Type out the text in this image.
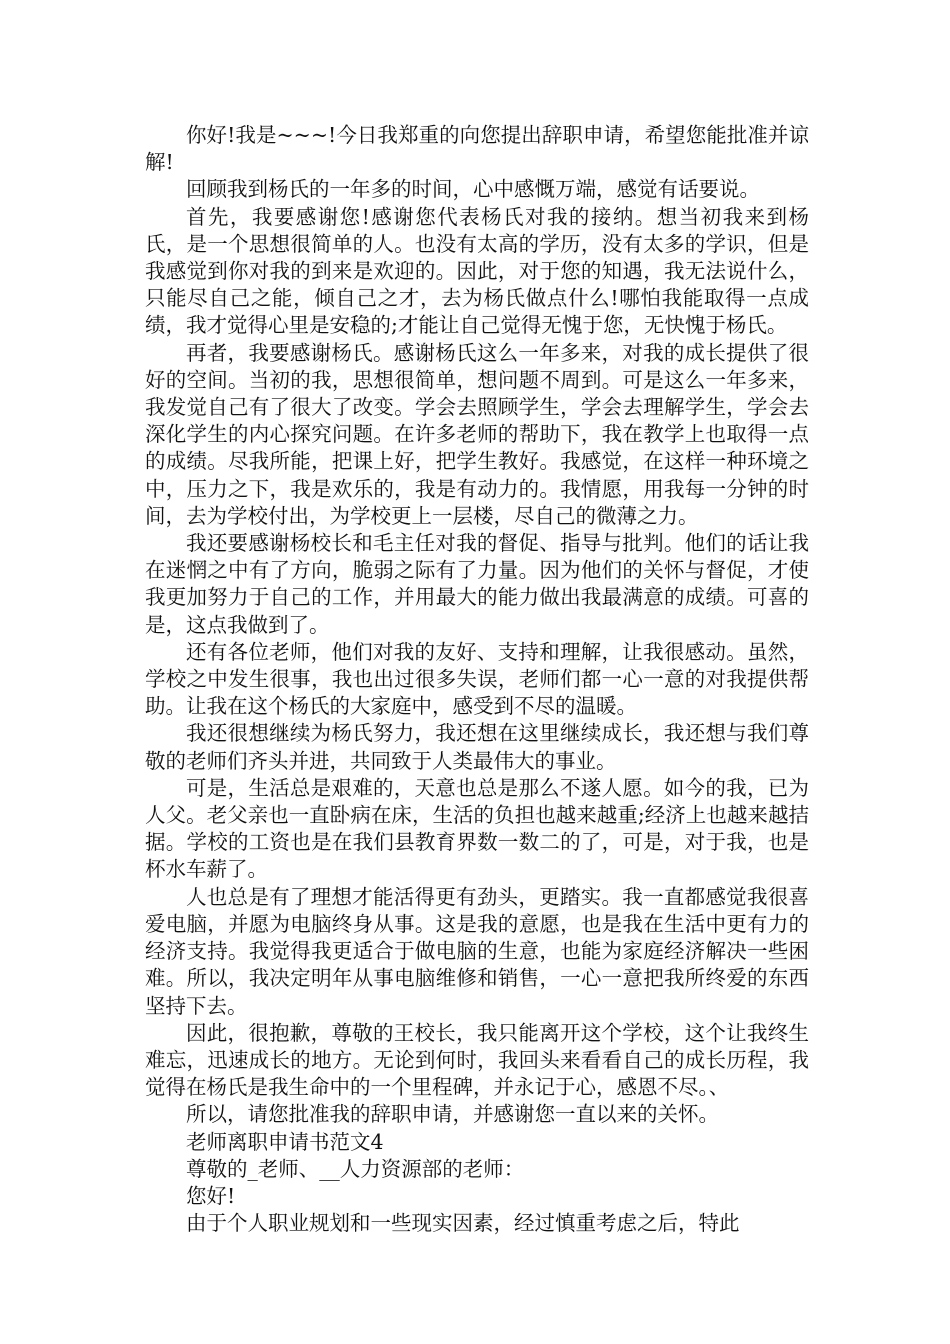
你好!我是~~~!今日我郑重的向您提出辞职申请，希望您能批准并谅解!

回顾我到杨氏的一年多的时间，心中感慨万端，感觉有话要说。

首先，我要感谢您!感谢您代表杨氏对我的接纳。想当初我来到杨氏，是一个思想很简单的人。也没有太高的学历，没有太多的学识，但是我感觉到你对我的到来是欢迎的。因此，对于您的知遇，我无法说什么，只能尽自己之能，倾自己之才，去为杨氏做点什么!哪怕我能取得一点成绩，我才觉得心里是安稳的;才能让自己觉得无愧于您，无快愧于杨氏。

再者，我要感谢杨氏。感谢杨氏这么一年多来，对我的成长提供了很好的空间。当初的我，思想很简单，想问题不周到。可是这么一年多来，我发觉自己有了很大了改变。学会去照顾学生，学会去理解学生，学会去深化学生的内心探究问题。在许多老师的帮助下，我在教学上也取得一点的成绩。尽我所能，把课上好，把学生教好。我感觉，在这样一种环境之中，压力之下，我是欢乐的，我是有动力的。我情愿，用我每一分钟的时间，去为学校付出，为学校更上一层楼，尽自己的微薄之力。

我还要感谢杨校长和毛主任对我的督促、指导与批判。他们的话让我在迷惘之中有了方向，脆弱之际有了力量。因为他们的关怀与督促，才使我更加努力于自己的工作，并用最大的能力做出我最满意的成绩。可喜的是，这点我做到了。

还有各位老师，他们对我的友好、支持和理解，让我很感动。虽然，学校之中发生很事，我也出过很多失误，老师们都一心一意的对我提供帮助。让我在这个杨氏的大家庭中，感受到不尽的温暖。

我还很想继续为杨氏努力，我还想在这里继续成长，我还想与我们尊敬的老师们齐头并进，共同致于人类最伟大的事业。

可是，生活总是艰难的，天意也总是那么不遂人愿。如今的我，已为人父。老父亲也一直卧病在床，生活的负担也越来越重;经济上也越来越拮据。学校的工资也是在我们县教育界数一数二的了，可是，对于我，也是杯水车薪了。

人也总是有了理想才能活得更有劲头，更踏实。我一直都感觉我很喜爱电脑，并愿为电脑终身从事。这是我的意愿，也是我在生活中更有力的经济支持。我觉得我更适合于做电脑的生意，也能为家庭经济解决一些困难。所以，我决定明年从事电脑维修和销售，一心一意把我所终爱的东西坚持下去。

因此，很抱歉，尊敬的王校长，我只能离开这个学校，这个让我终生难忘，迅速成长的地方。无论到何时，我回头来看看自己的成长历程，我觉得在杨氏是我生命中的一个里程碑，并永记于心，感恩不尽。、

所以，请您批准我的辞职申请，并感谢您一直以来的关怀。

老师离职申请书范文4

尊敬的_老师、__人力资源部的老师：

您好!

由于个人职业规划和一些现实因素，经过慎重考虑之后，特此
